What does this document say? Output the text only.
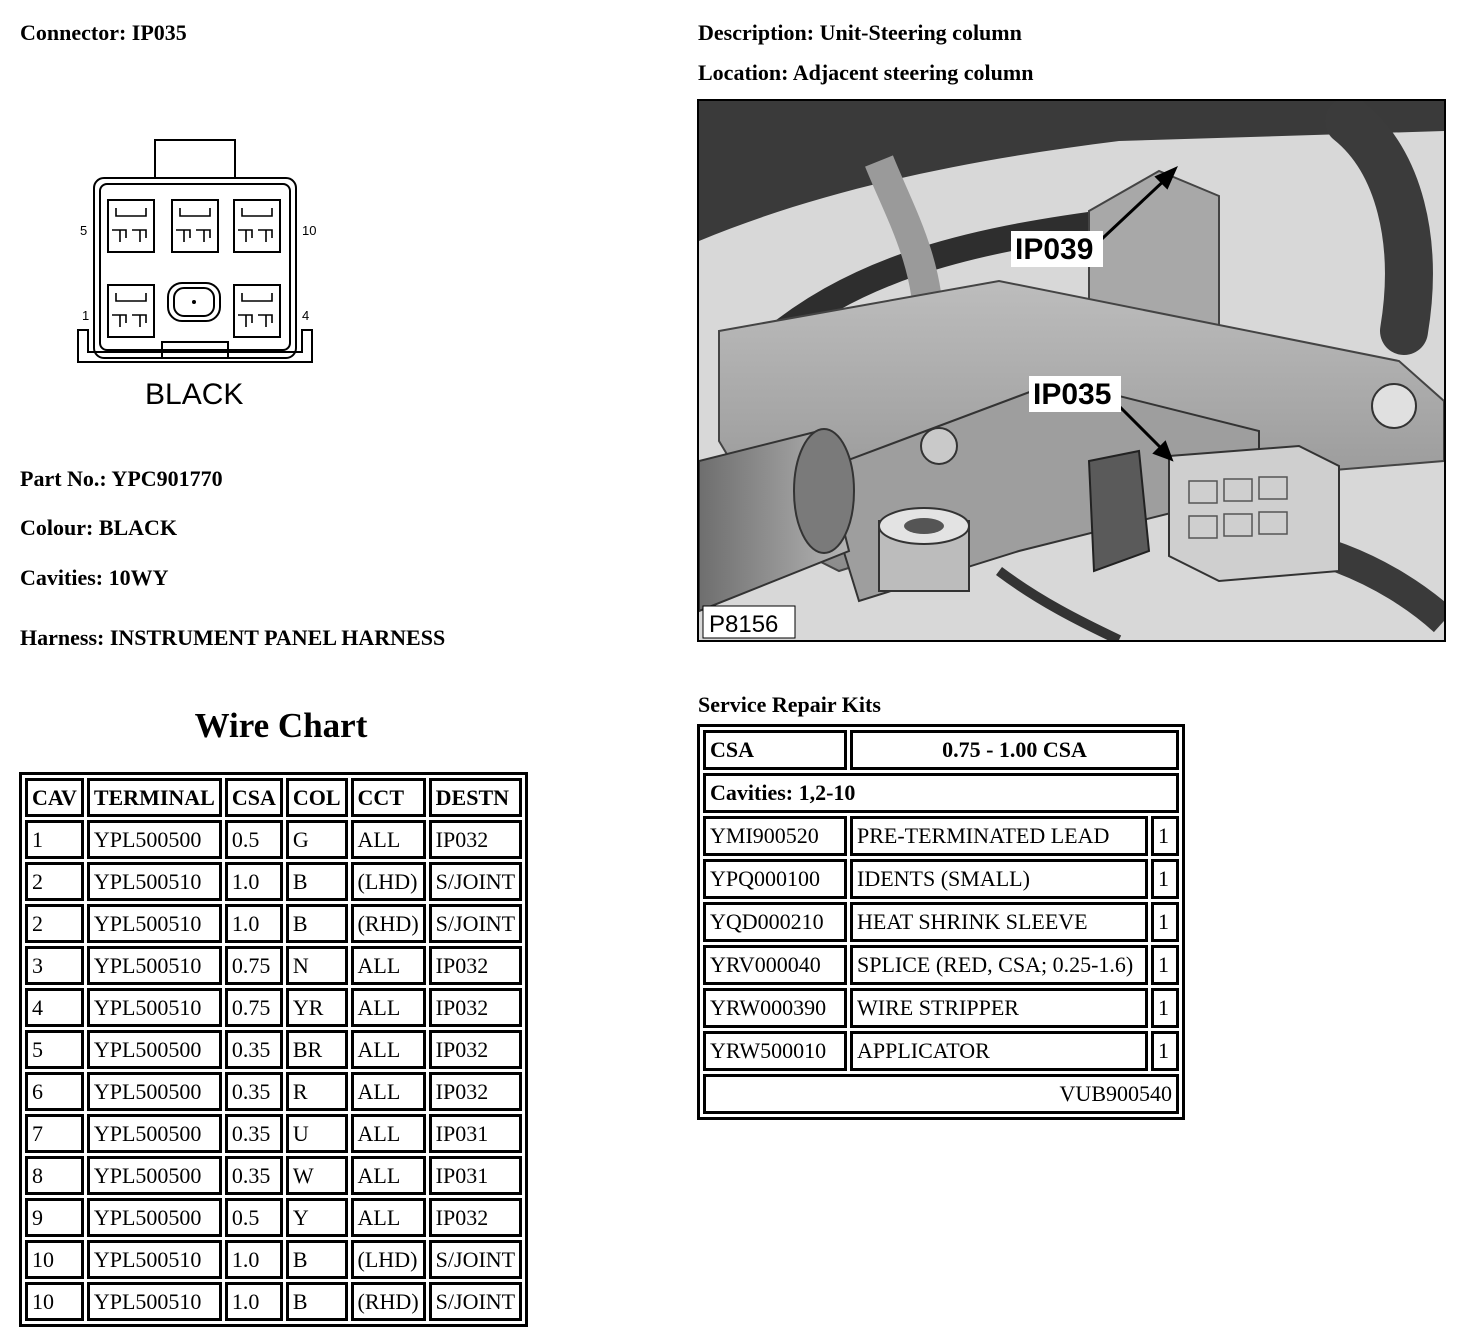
Connector: IP035
5	10
1	4
BLACK
Part No.: YPC901770
Colour: BLACK
Cavities: 10WY
Harness: INSTRUMENT PANEL HARNESS
Description: Unit-Steering column
Location: Adjacent steering column
IP039
IP035
P8156
Wire Chart
CAV	TERMINAL	CSA	COL	CCT	DESTN
1	YPL500500	0.5	G	ALL	IP032
2	YPL500510	1.0	B	(LHD)	S/JOINT
2	YPL500510	1.0	B	(RHD)	S/JOINT
3	YPL500510	0.75	N	ALL	IP032
4	YPL500510	0.75	YR	ALL	IP032
5	YPL500500	0.35	BR	ALL	IP032
6	YPL500500	0.35	R	ALL	IP032
7	YPL500500	0.35	U	ALL	IP031
8	YPL500500	0.35	W	ALL	IP031
9	YPL500500	0.5	Y	ALL	IP032
10	YPL500510	1.0	B	(LHD)	S/JOINT
10	YPL500510	1.0	B	(RHD)	S/JOINT
Service Repair Kits
CSA	0.75 - 1.00 CSA	
Cavities: 1,2-10		
YMI900520	PRE-TERMINATED LEAD	1
YPQ000100	IDENTS (SMALL)	1
YQD000210	HEAT SHRINK SLEEVE	1
YRV000040	SPLICE (RED, CSA; 0.25-1.6)	1
YRW000390	WIRE STRIPPER	1
YRW500010	APPLICATOR	1
VUB900540		
